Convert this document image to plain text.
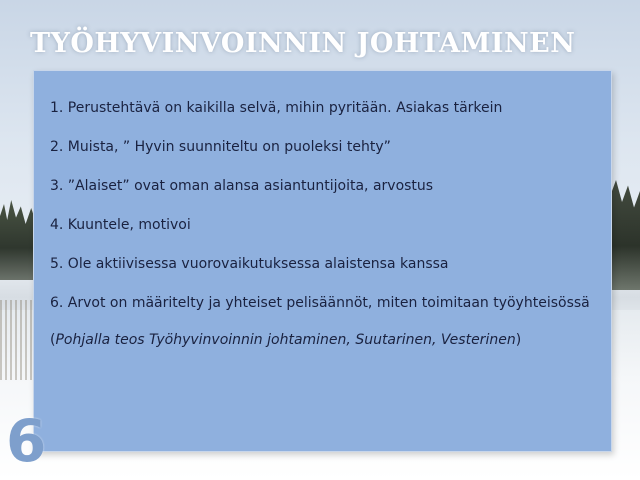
TYÖHYVINVOINNIN JOHTAMINEN
1. Perustehtävä on kaikilla selvä, mihin pyritään. Asiakas tärkein
2. Muista, ” Hyvin suunniteltu on puoleksi tehty”
3. ”Alaiset” ovat oman alansa asiantuntijoita, arvostus
4. Kuuntele, motivoi
5. Ole aktiivisessa vuorovaikutuksessa alaistensa kanssa
6. Arvot on määritelty ja yhteiset pelisäännöt, miten toimitaan työyhteisössä
(Pohjalla teos Työhyvinvoinnin johtaminen, Suutarinen, Vesterinen)
6
